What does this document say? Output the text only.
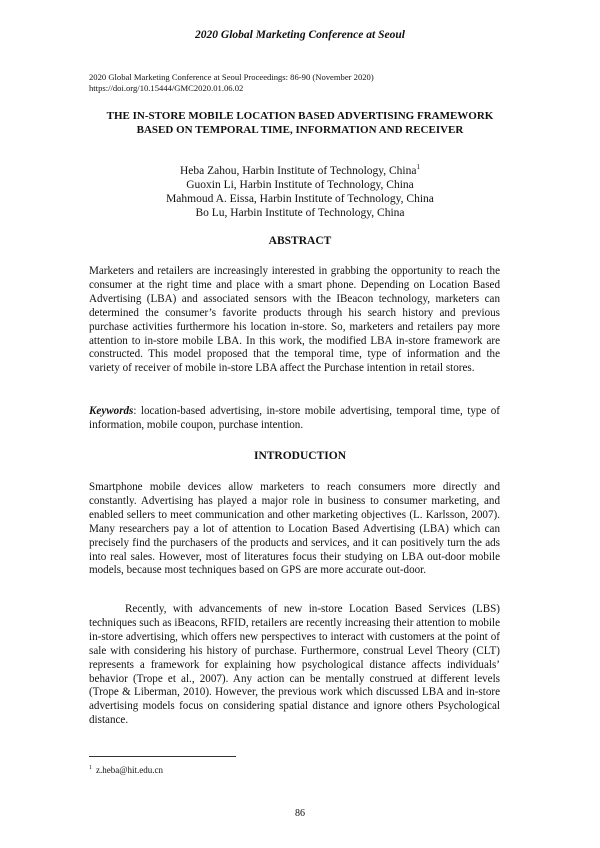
2020 Global Marketing Conference at Seoul
2020 Global Marketing Conference at Seoul Proceedings: 86-90 (November 2020)
https://doi.org/10.15444/GMC2020.01.06.02
THE IN-STORE MOBILE LOCATION BASED ADVERTISING FRAMEWORK BASED ON TEMPORAL TIME, INFORMATION AND RECEIVER
Heba Zahou, Harbin Institute of Technology, China$^1$
Guoxin Li, Harbin Institute of Technology, China
Mahmoud A. Eissa, Harbin Institute of Technology, China
Bo Lu, Harbin Institute of Technology, China
ABSTRACT
Marketers and retailers are increasingly interested in grabbing the opportunity to reach the consumer at the right time and place with a smart phone. Depending on Location Based Advertising (LBA) and associated sensors with the IBeacon technology, marketers can determined the consumer’s favorite products through his search history and previous purchase activities furthermore his location in-store. So, marketers and retailers pay more attention to in-store mobile LBA. In this work, the modified LBA in-store framework are constructed. This model proposed that the temporal time, type of information and the variety of receiver of mobile in-store LBA affect the Purchase intention in retail stores.
Keywords: location-based advertising, in-store mobile advertising, temporal time, type of information, mobile coupon, purchase intention.
INTRODUCTION
Smartphone mobile devices allow marketers to reach consumers more directly and constantly. Advertising has played a major role in business to consumer marketing, and enabled sellers to meet communication and other marketing objectives (L. Karlsson, 2007). Many researchers pay a lot of attention to Location Based Advertising (LBA) which can precisely find the purchasers of the products and services, and it can positively turn the ads into real sales. However, most of literatures focus their studying on LBA out-door mobile models, because most techniques based on GPS are more accurate out-door.
Recently, with advancements of new in-store Location Based Services (LBS) techniques such as iBeacons, RFID, retailers are recently increasing their attention to mobile in-store advertising, which offers new perspectives to interact with customers at the point of sale with considering his history of purchase. Furthermore, construal Level Theory (CLT) represents a framework for explaining how psychological distance affects individuals’ behavior (Trope et al., 2007). Any action can be mentally construed at different levels (Trope & Liberman, 2010). However, the previous work which discussed LBA and in-store advertising models focus on considering spatial distance and ignore others Psychological distance.
$^1$ z.heba@hit.edu.cn
86
